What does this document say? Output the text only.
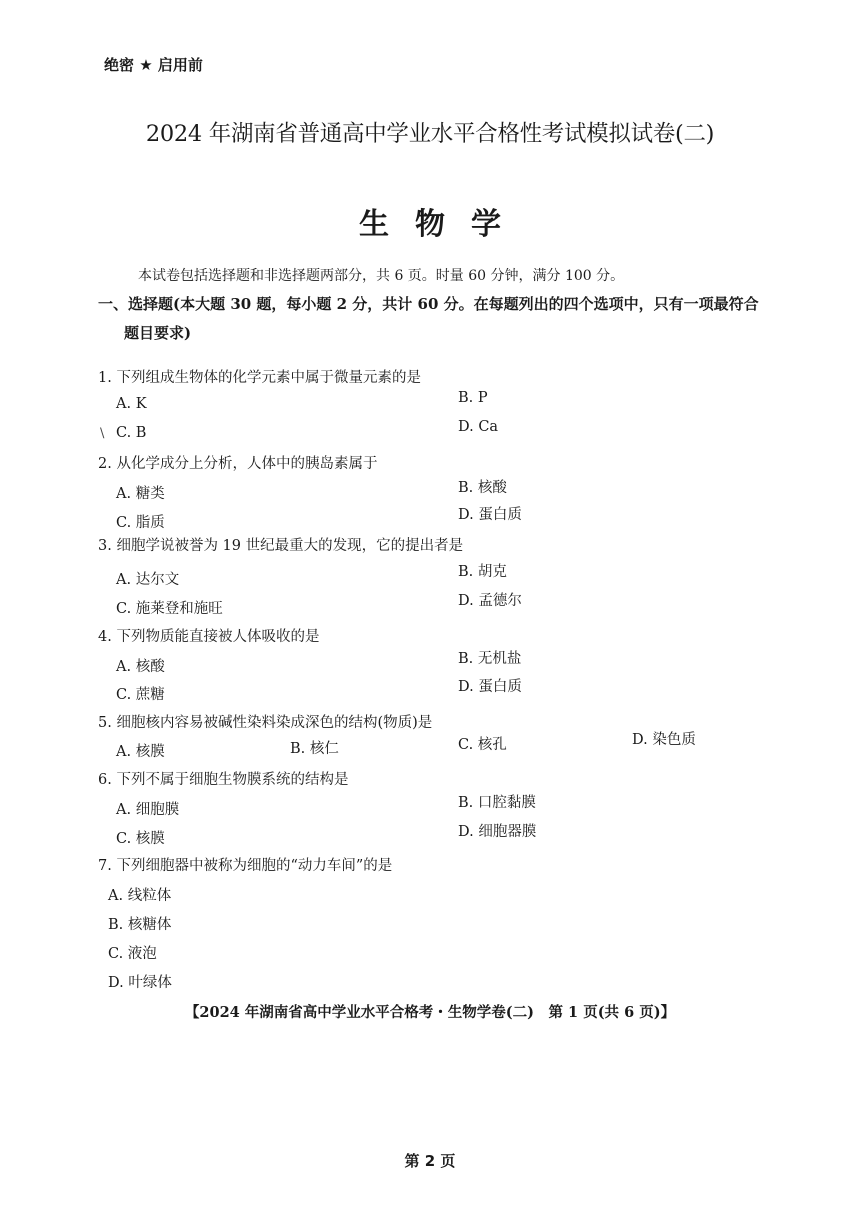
绝密 ★ 启用前
2024 年湖南省普通高中学业水平合格性考试模拟试卷(二)
生物学
本试卷包括选择题和非选择题两部分，共 6 页。时量 60 分钟，满分 100 分。
一、选择题(本大题 30 题，每小题 2 分，共计 60 分。在每题列出的四个选项中，只有一项最符合
题目要求)
1. 下列组成生物体的化学元素中属于微量元素的是
A. K	B. P
C. B	D. Ca
\
2. 从化学成分上分析，人体中的胰岛素属于
A. 糖类	B. 核酸
C. 脂质	D. 蛋白质
3. 细胞学说被誉为 19 世纪最重大的发现，它的提出者是
A. 达尔文	B. 胡克
C. 施莱登和施旺	D. 孟德尔
4. 下列物质能直接被人体吸收的是
A. 核酸	B. 无机盐
C. 蔗糖	D. 蛋白质
5. 细胞核内容易被碱性染料染成深色的结构(物质)是
A. 核膜	B. 核仁	C. 核孔	D. 染色质
6. 下列不属于细胞生物膜系统的结构是
A. 细胞膜	B. 口腔黏膜
C. 核膜	D. 细胞器膜
7. 下列细胞器中被称为细胞的“动力车间”的是
A. 线粒体
B. 核糖体
C. 液泡
D. 叶绿体
【2024 年湖南省高中学业水平合格考・生物学卷(二)　第 1 页(共 6 页)】
第 2 页
